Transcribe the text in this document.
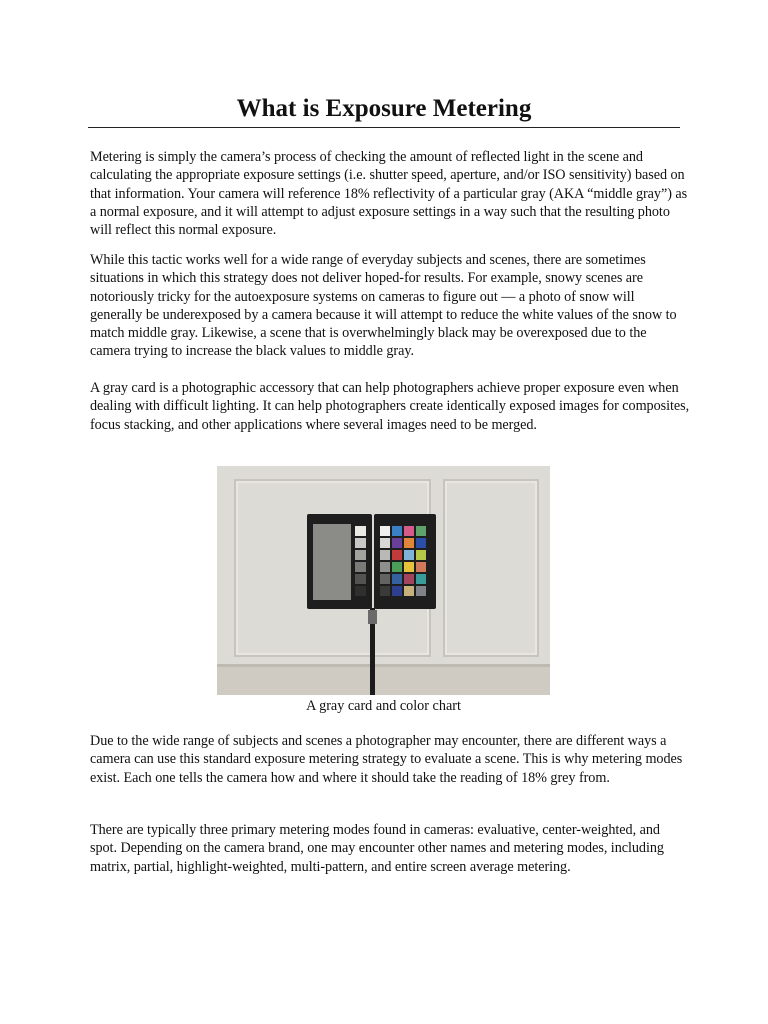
What is Exposure Metering

Metering is simply the camera’s process of checking the amount of reflected light in the scene and calculating the appropriate exposure settings (i.e. shutter speed, aperture, and/or ISO sensitivity) based on that information. Your camera will reference 18% reflectivity of a particular gray (AKA “middle gray”) as a normal exposure, and it will attempt to adjust exposure settings in a way such that the resulting photo will reflect this normal exposure.

While this tactic works well for a wide range of everyday subjects and scenes, there are sometimes situations in which this strategy does not deliver hoped-for results. For example, snowy scenes are notoriously tricky for the autoexposure systems on cameras to figure out — a photo of snow will generally be underexposed by a camera because it will attempt to reduce the white values of the snow to match middle gray. Likewise, a scene that is overwhelmingly black may be overexposed due to the camera trying to increase the black values to middle gray.

A gray card is a photographic accessory that can help photographers achieve proper exposure even when dealing with difficult lighting. It can help photographers create identically exposed images for composites, focus stacking, and other applications where several images need to be merged.

A gray card and color chart

Due to the wide range of subjects and scenes a photographer may encounter, there are different ways a camera can use this standard exposure metering strategy to evaluate a scene. This is why metering modes exist. Each one tells the camera how and where it should take the reading of 18% grey from.

There are typically three primary metering modes found in cameras: evaluative, center-weighted, and spot. Depending on the camera brand, one may encounter other names and metering modes, including matrix, partial, highlight-weighted, multi-pattern, and entire screen average metering.
